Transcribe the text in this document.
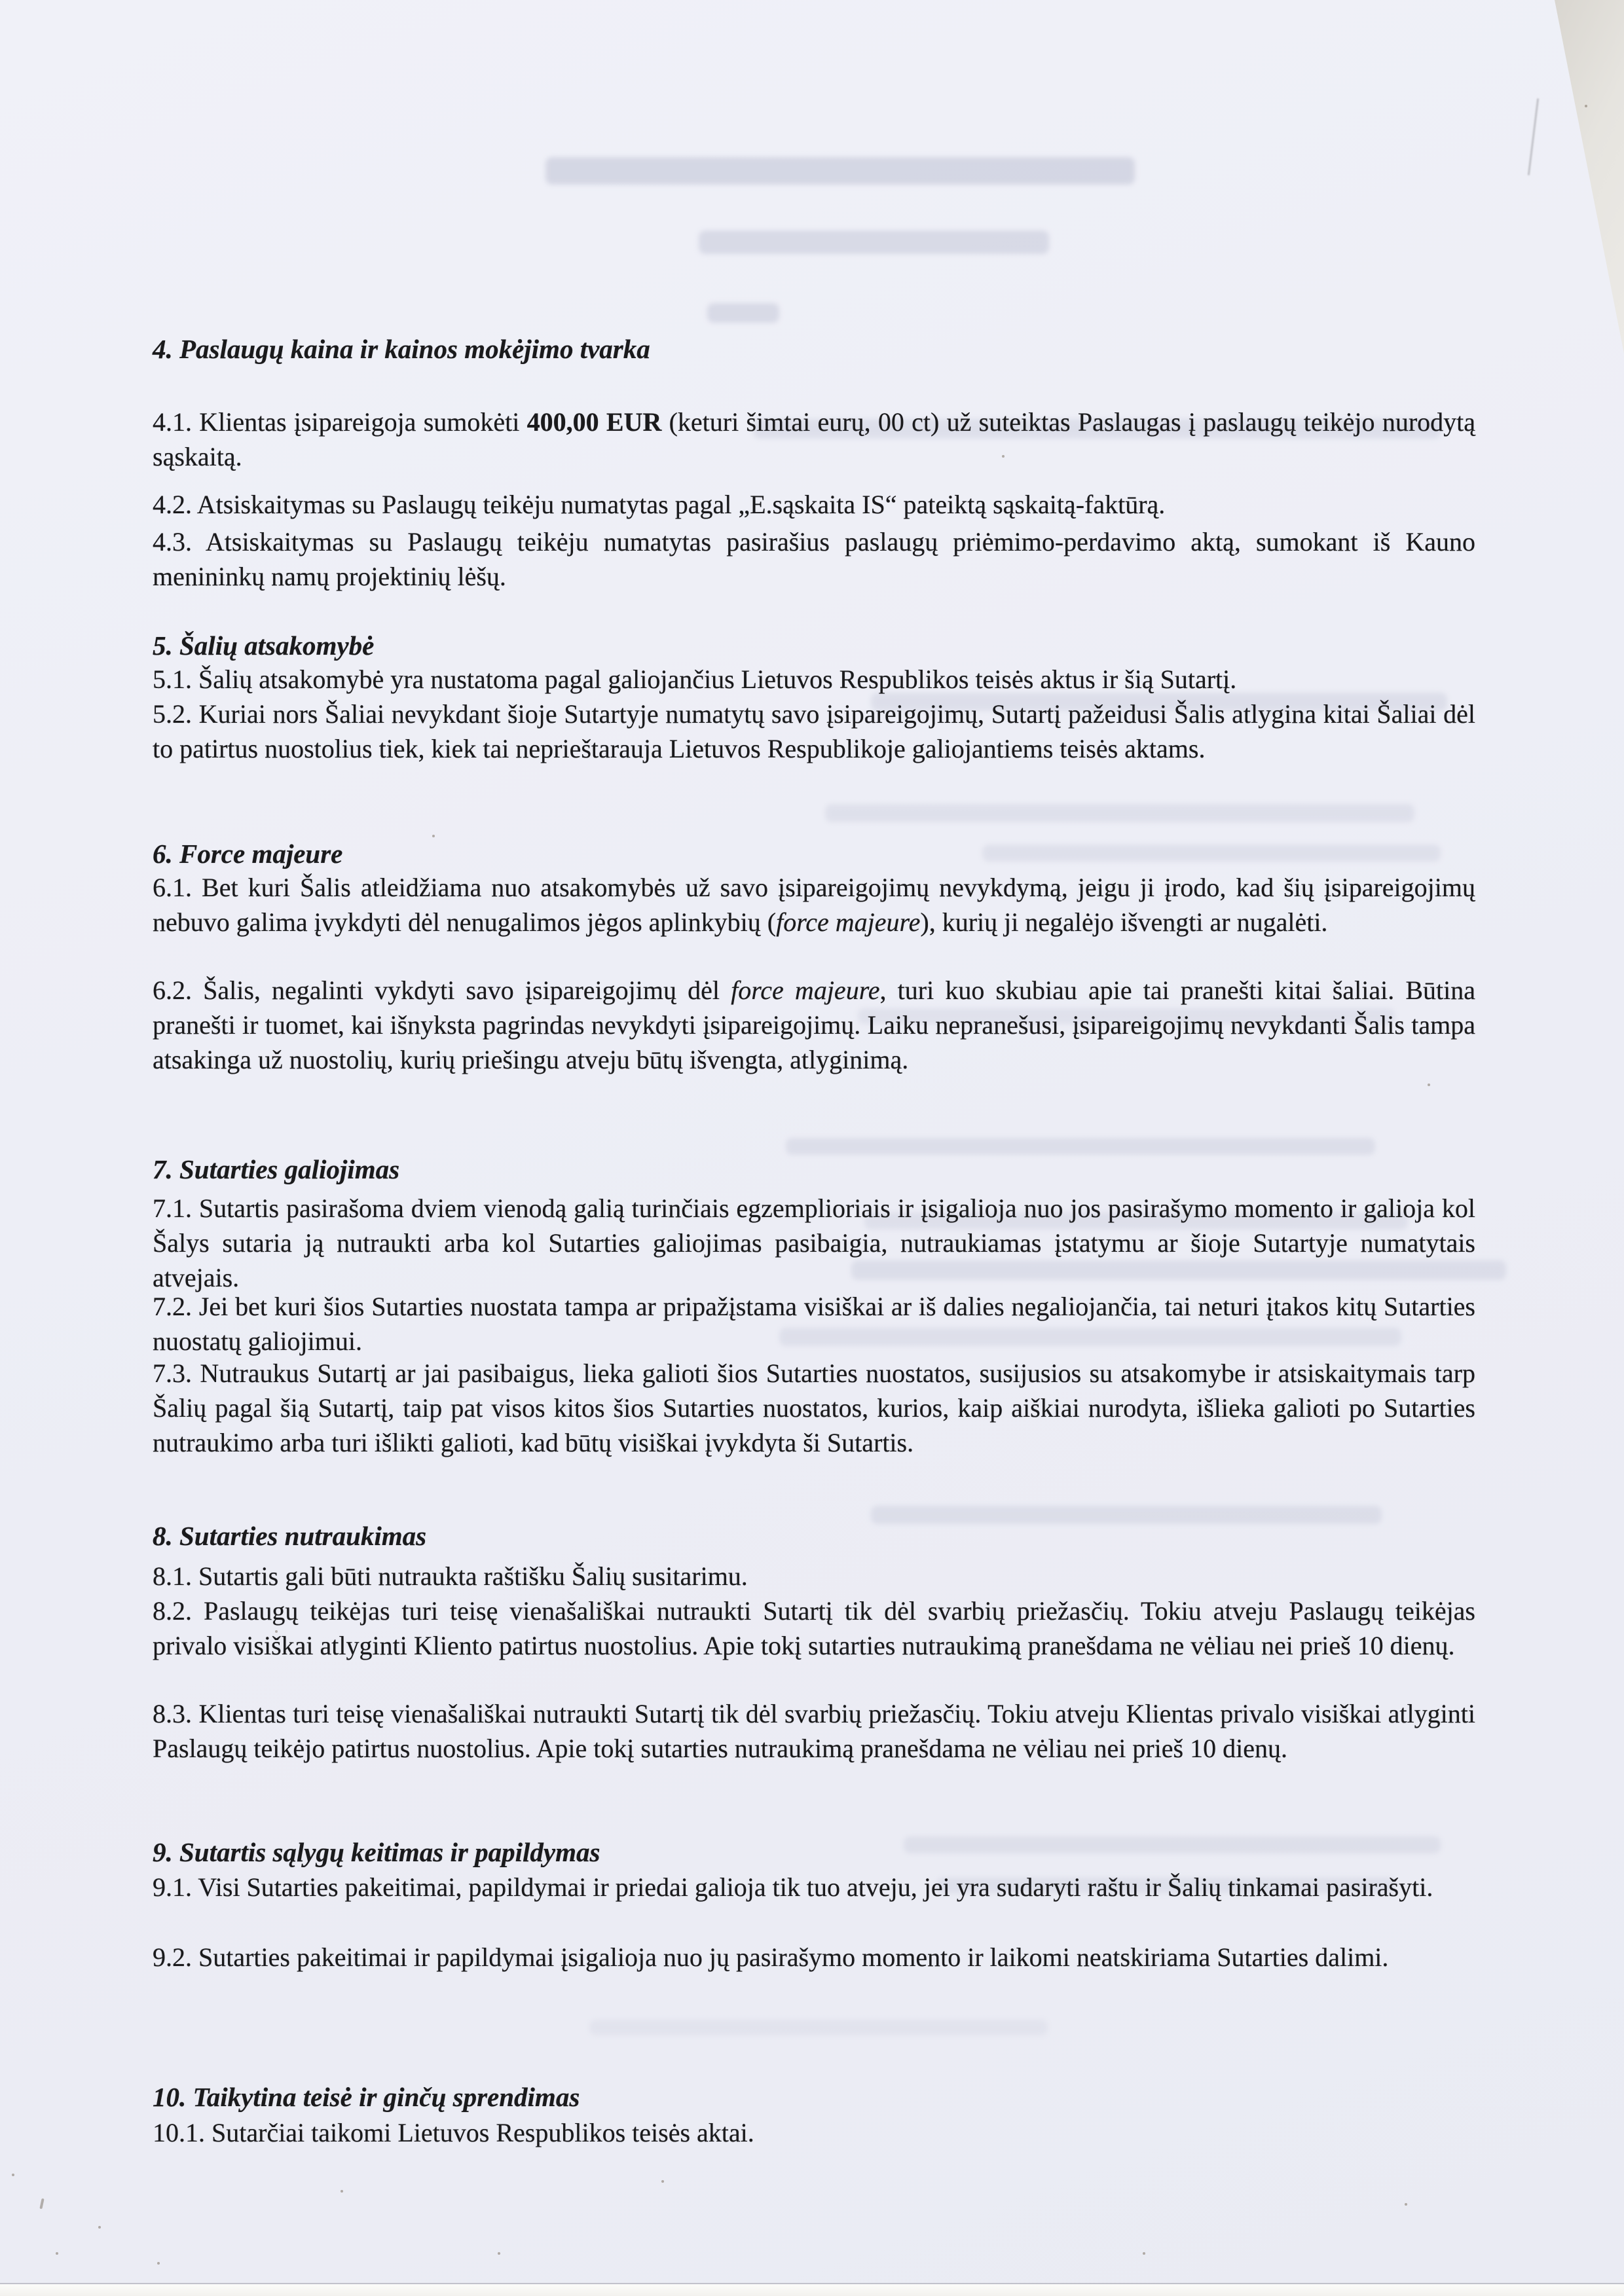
4. Paslaugų kaina ir kainos mokėjimo tvarka

4.1. Klientas įsipareigoja sumokėti 400,00 EUR (keturi šimtai eurų, 00 ct) už suteiktas Paslaugas į paslaugų teikėjo nurodytą sąskaitą.

4.2. Atsiskaitymas su Paslaugų teikėju numatytas pagal „E.sąskaita IS“ pateiktą sąskaitą-faktūrą.

4.3. Atsiskaitymas su Paslaugų teikėju numatytas pasirašius paslaugų priėmimo-perdavimo aktą, sumokant iš Kauno menininkų namų projektinių lėšų.

5. Šalių atsakomybė

5.1. Šalių atsakomybė yra nustatoma pagal galiojančius Lietuvos Respublikos teisės aktus ir šią Sutartį.

5.2. Kuriai nors Šaliai nevykdant šioje Sutartyje numatytų savo įsipareigojimų, Sutartį pažeidusi Šalis atlygina kitai Šaliai dėl to patirtus nuostolius tiek, kiek tai neprieštarauja Lietuvos Respublikoje galiojantiems teisės aktams.

6. Force majeure

6.1. Bet kuri Šalis atleidžiama nuo atsakomybės už savo įsipareigojimų nevykdymą, jeigu ji įrodo, kad šių įsipareigojimų nebuvo galima įvykdyti dėl nenugalimos jėgos aplinkybių (force majeure), kurių ji negalėjo išvengti ar nugalėti.

6.2. Šalis, negalinti vykdyti savo įsipareigojimų dėl force majeure, turi kuo skubiau apie tai pranešti kitai šaliai. Būtina pranešti ir tuomet, kai išnyksta pagrindas nevykdyti įsipareigojimų. Laiku nepranešusi, įsipareigojimų nevykdanti Šalis tampa atsakinga už nuostolių, kurių priešingu atveju būtų išvengta, atlyginimą.

7. Sutarties galiojimas

7.1. Sutartis pasirašoma dviem vienodą galią turinčiais egzemplioriais ir įsigalioja nuo jos pasirašymo momento ir galioja kol Šalys sutaria ją nutraukti arba kol Sutarties galiojimas pasibaigia, nutraukiamas įstatymu ar šioje Sutartyje numatytais atvejais.

7.2. Jei bet kuri šios Sutarties nuostata tampa ar pripažįstama visiškai ar iš dalies negaliojančia, tai neturi įtakos kitų Sutarties nuostatų galiojimui.

7.3. Nutraukus Sutartį ar jai pasibaigus, lieka galioti šios Sutarties nuostatos, susijusios su atsakomybe ir atsiskaitymais tarp Šalių pagal šią Sutartį, taip pat visos kitos šios Sutarties nuostatos, kurios, kaip aiškiai nurodyta, išlieka galioti po Sutarties nutraukimo arba turi išlikti galioti, kad būtų visiškai įvykdyta ši Sutartis.

8. Sutarties nutraukimas

8.1. Sutartis gali būti nutraukta raštišku Šalių susitarimu.

8.2. Paslaugų teikėjas turi teisę vienašališkai nutraukti Sutartį tik dėl svarbių priežasčių. Tokiu atveju Paslaugų teikėjas privalo visiškai atlyginti Kliento patirtus nuostolius. Apie tokį sutarties nutraukimą pranešdama ne vėliau nei prieš 10 dienų.

8.3. Klientas turi teisę vienašališkai nutraukti Sutartį tik dėl svarbių priežasčių. Tokiu atveju Klientas privalo visiškai atlyginti Paslaugų teikėjo patirtus nuostolius. Apie tokį sutarties nutraukimą pranešdama ne vėliau nei prieš 10 dienų.

9. Sutartis sąlygų keitimas ir papildymas

9.1. Visi Sutarties pakeitimai, papildymai ir priedai galioja tik tuo atveju, jei yra sudaryti raštu ir Šalių tinkamai pasirašyti.

9.2. Sutarties pakeitimai ir papildymai įsigalioja nuo jų pasirašymo momento ir laikomi neatskiriama Sutarties dalimi.

10. Taikytina teisė ir ginčų sprendimas

10.1. Sutarčiai taikomi Lietuvos Respublikos teisės aktai.
